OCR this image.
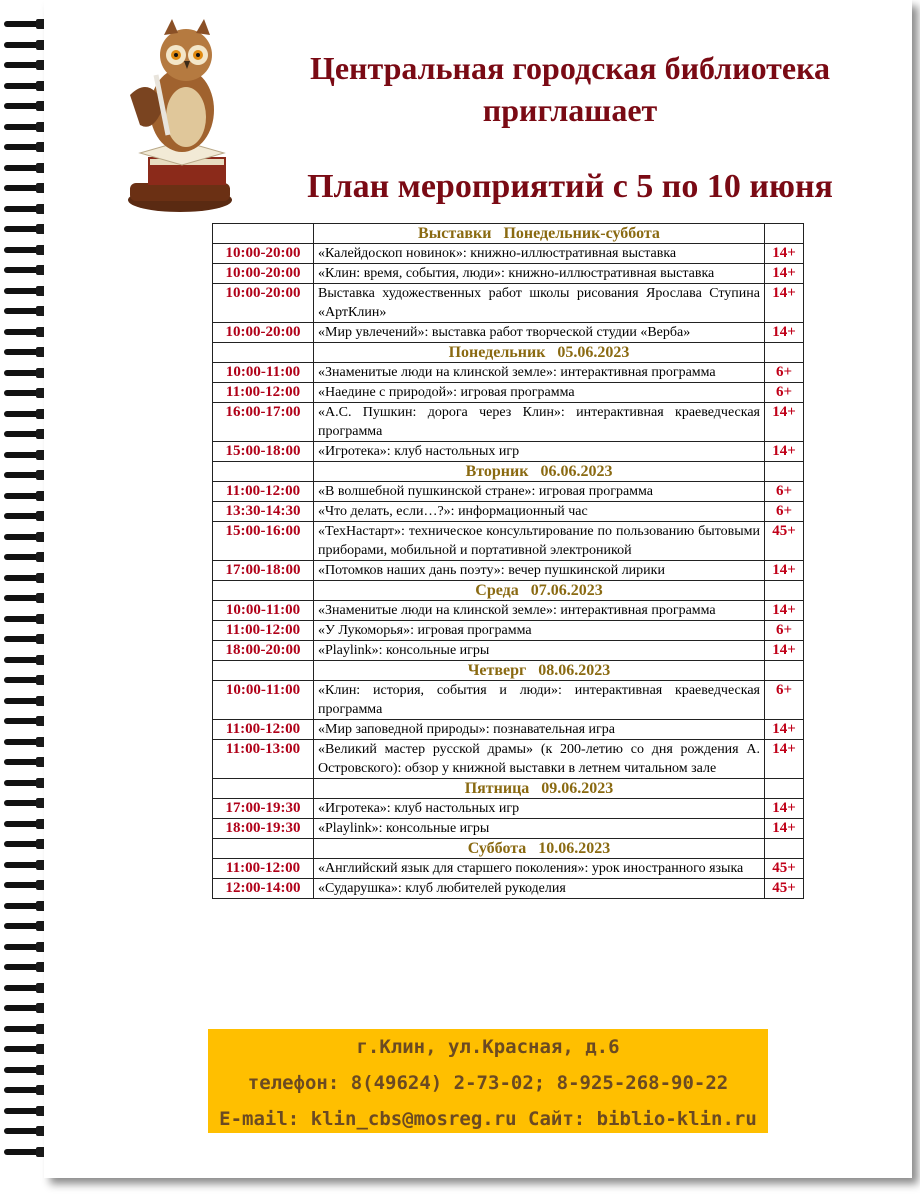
Центральная городская библиотека
приглашает
План мероприятий с 5 по 10 июня
	Выставки   Понедельник-суббота	
10:00-20:00	«Калейдоскоп новинок»: книжно-иллюстративная выставка	14+
10:00-20:00	«Клин: время, события, люди»: книжно-иллюстративная выставка	14+
10:00-20:00	Выставка художественных работ школы рисования Ярослава Ступина «АртКлин»	14+
10:00-20:00	«Мир увлечений»: выставка работ творческой студии «Верба»	14+
	Понедельник   05.06.2023	
10:00-11:00	«Знаменитые люди на клинской земле»: интерактивная программа	6+
11:00-12:00	«Наедине с природой»: игровая программа	6+
16:00-17:00	«А.С. Пушкин: дорога через Клин»: интерактивная краеведческая программа	14+
15:00-18:00	«Игротека»: клуб настольных игр	14+
	Вторник   06.06.2023	
11:00-12:00	«В волшебной пушкинской стране»: игровая программа	6+
13:30-14:30	«Что делать, если…?»: информационный час	6+
15:00-16:00	«ТехНастарт»: техническое консультирование по пользованию бытовыми приборами, мобильной и портативной электроникой	45+
17:00-18:00	«Потомков наших дань поэту»: вечер пушкинской лирики	14+
	Среда   07.06.2023	
10:00-11:00	«Знаменитые люди на клинской земле»: интерактивная программа	14+
11:00-12:00	«У Лукоморья»: игровая программа	6+
18:00-20:00	«Playlink»: консольные игры	14+
	Четверг   08.06.2023	
10:00-11:00	«Клин: история, события и люди»: интерактивная краеведческая программа	6+
11:00-12:00	«Мир заповедной природы»: познавательная игра	14+
11:00-13:00	«Великий мастер русской драмы» (к 200-летию со дня рождения А. Островского): обзор у книжной выставки в летнем читальном зале	14+
	Пятница   09.06.2023	
17:00-19:30	«Игротека»: клуб настольных игр	14+
18:00-19:30	«Playlink»: консольные игры	14+
	Суббота   10.06.2023	
11:00-12:00	«Английский язык для старшего поколения»: урок иностранного языка	45+
12:00-14:00	«Сударушка»: клуб любителей рукоделия	45+
г.Клин, ул.Красная, д.6
телефон: 8(49624) 2-73-02; 8-925-268-90-22
E-mail: klin_cbs@mosreg.ru Сайт: biblio-klin.ru
